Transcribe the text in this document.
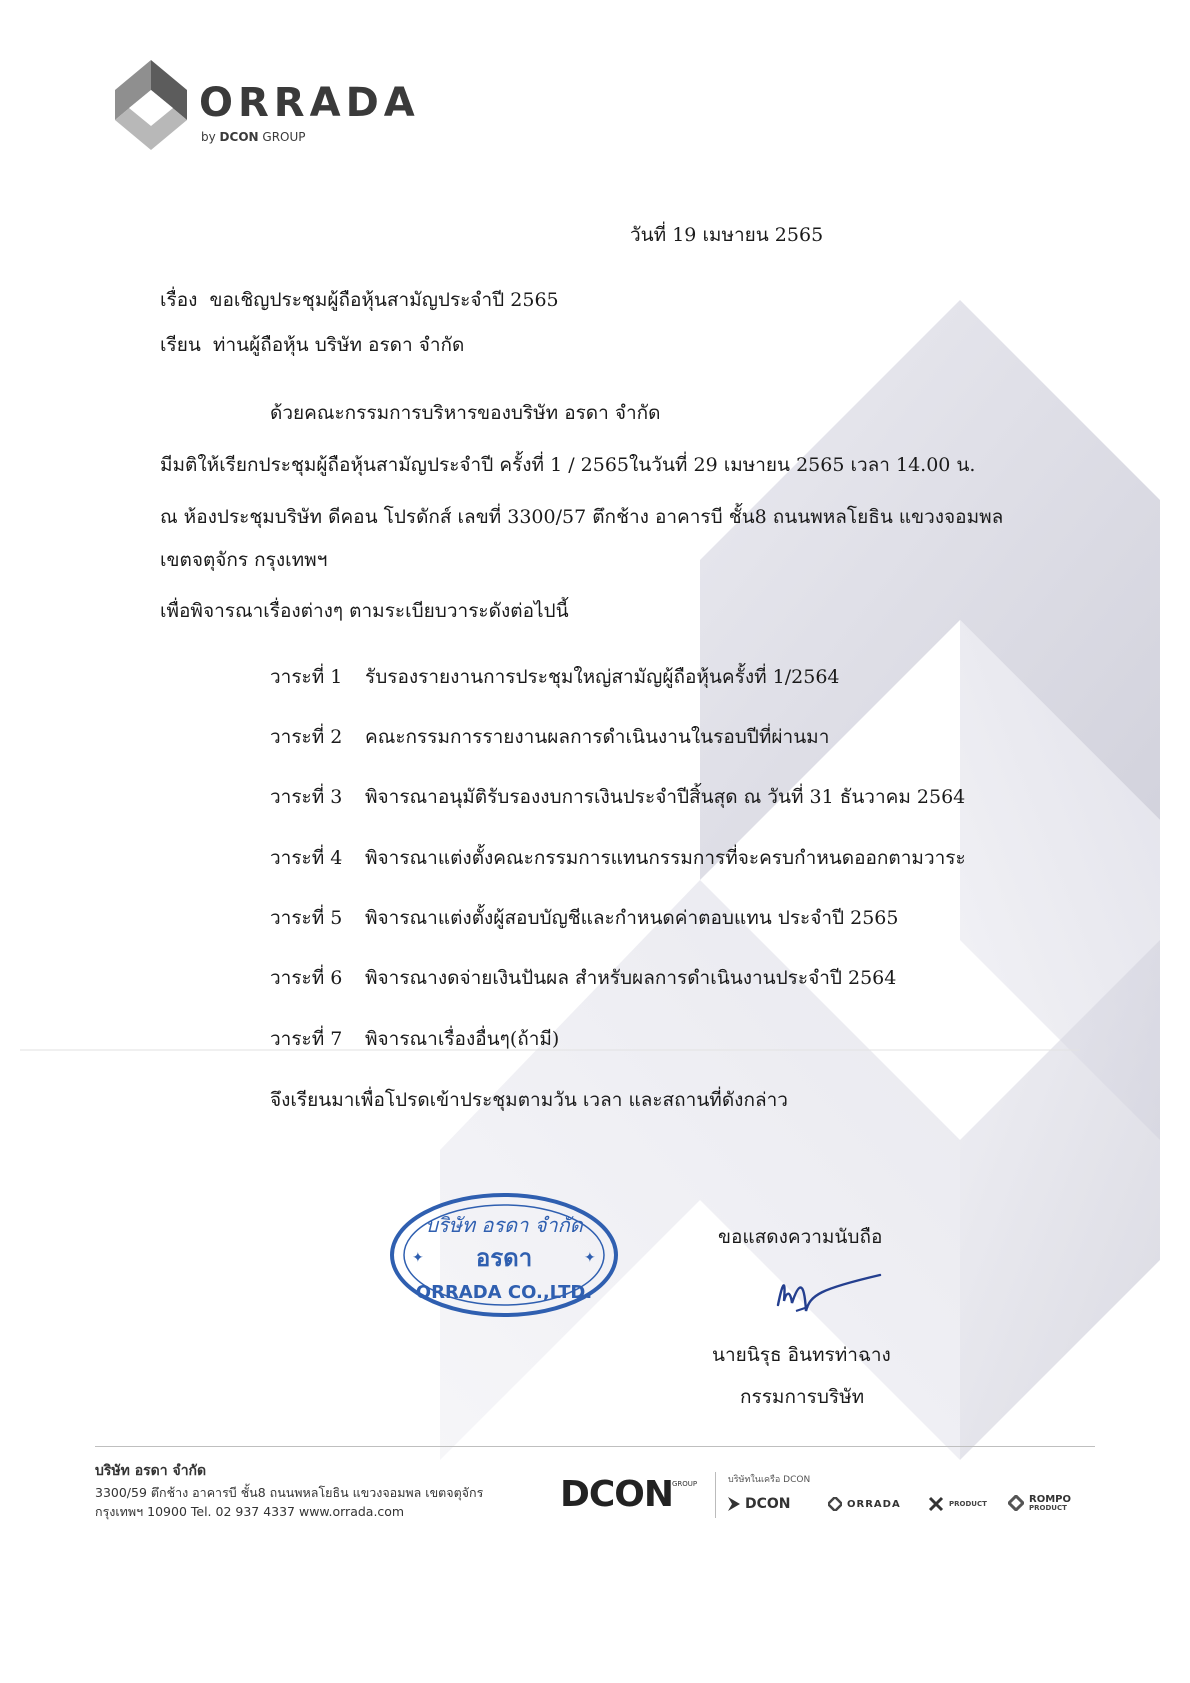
ORRADA
by DCON GROUP
วันที่ 19 เมษายน 2565
เรื่อง ขอเชิญประชุมผู้ถือหุ้นสามัญประจำปี 2565
เรียน ท่านผู้ถือหุ้น บริษัท อรดา จำกัด
ด้วยคณะกรรมการบริหารของบริษัท อรดา จำกัด
มีมติให้เรียกประชุมผู้ถือหุ้นสามัญประจำปี ครั้งที่ 1 / 2565ในวันที่ 29 เมษายน 2565 เวลา 14.00 น.
ณ ห้องประชุมบริษัท ดีคอน โปรดักส์ เลขที่ 3300/57 ตึกช้าง อาคารบี ชั้น8 ถนนพหลโยธิน แขวงจอมพล
เขตจตุจักร กรุงเทพฯ
เพื่อพิจารณาเรื่องต่างๆ ตามระเบียบวาระดังต่อไปนี้
วาระที่ 1 รับรองรายงานการประชุมใหญ่สามัญผู้ถือหุ้นครั้งที่ 1/2564
วาระที่ 2 คณะกรรมการรายงานผลการดำเนินงานในรอบปีที่ผ่านมา
วาระที่ 3 พิจารณาอนุมัติรับรองงบการเงินประจำปีสิ้นสุด ณ วันที่ 31 ธันวาคม 2564
วาระที่ 4 พิจารณาแต่งตั้งคณะกรรมการแทนกรรมการที่จะครบกำหนดออกตามวาระ
วาระที่ 5 พิจารณาแต่งตั้งผู้สอบบัญชีและกำหนดค่าตอบแทน ประจำปี 2565
วาระที่ 6 พิจารณางดจ่ายเงินปันผล สำหรับผลการดำเนินงานประจำปี 2564
วาระที่ 7 พิจารณาเรื่องอื่นๆ(ถ้ามี)
จึงเรียนมาเพื่อโปรดเข้าประชุมตามวัน เวลา และสถานที่ดังกล่าว
บริษัท อรดา จำกัด
อรดา
ORRADA CO.,LTD.
✦	✦
ขอแสดงความนับถือ
นายนิรุธ อินทรท่าฉาง
กรรมการบริษัท
บริษัท อรดา จำกัด
3300/59 ตึกช้าง อาคารบี ชั้น8 ถนนพหลโยธิน แขวงจอมพล เขตจตุจักร
กรุงเทพฯ 10900 Tel. 02 937 4337 www.orrada.com	DCON
GROUP	บริษัทในเครือ DCON
DCON	ORRADA	PRODUCT	ROMPO
PRODUCT
